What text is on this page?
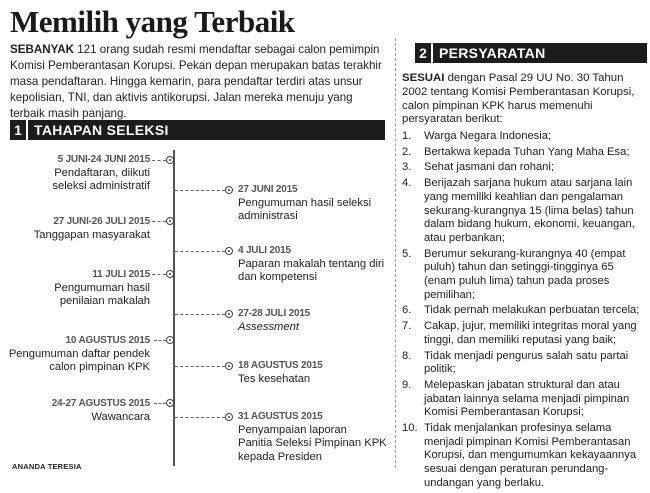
Memilih yang Terbaik
SEBANYAK 121 orang sudah resmi mendaftar sebagai calon pemimpin Komisi Pemberantasan Korupsi. Pekan depan merupakan batas terakhir masa pendaftaran. Hingga kemarin, para pendaftar terdiri atas unsur kepolisian, TNI, dan aktivis antikorupsi. Jalan mereka menuju yang terbaik masih panjang.
1 TAHAPAN SELEKSI
2 PERSYARATAN
5 JUNI-24 JUNI 2015
Pendaftaran, diikuti
seleksi administratif
27 JUNI-26 JULI 2015
Tanggapan masyarakat
11 JULI 2015
Pengumuman hasil
penilaian makalah
10 AGUSTUS 2015
Pengumuman daftar pendek
calon pimpinan KPK
24-27 AGUSTUS 2015
Wawancara
27 JUNI 2015
Pengumuman hasil seleksi
administrasi
4 JULI 2015
Paparan makalah tentang diri
dan kompetensi
27-28 JULI 2015
Assessment
18 AGUSTUS 2015
Tes kesehatan
31 AGUSTUS 2015
Penyampaian laporan
Panitia Seleksi Pimpinan KPK
kepada Presiden
ANANDA TERESIA
SESUAI dengan Pasal 29 UU No. 30 Tahun 2002 tentang Komisi Pemberantasan Korupsi, calon pimpinan KPK harus memenuhi persyaratan berikut:
1. Warga Negara Indonesia;
2. Bertakwa kepada Tuhan Yang Maha Esa;
3. Sehat jasmani dan rohani;
4. Berijazah sarjana hukum atau sarjana lain yang memiliki keahlian dan pengalaman sekurang-kurangnya 15 (lima belas) tahun dalam bidang hukum, ekonomi, keuangan, atau perbankan;
5. Berumur sekurang-kurangnya 40 (empat puluh) tahun dan setinggi-tingginya 65 (enam puluh lima) tahun pada proses pemilihan;
6. Tidak pernah melakukan perbuatan tercela;
7. Cakap, jujur, memiliki integritas moral yang tinggi, dan memiliki reputasi yang baik;
8. Tidak menjadi pengurus salah satu partai politik;
9. Melepaskan jabatan struktural dan atau jabatan lainnya selama menjadi pimpinan Komisi Pemberantasan Korupsi;
10. Tidak menjalankan profesinya selama menjadi pimpinan Komisi Pemberantasan Korupsi, dan mengumumkan kekayaannya sesuai dengan peraturan perundang-undangan yang berlaku.
